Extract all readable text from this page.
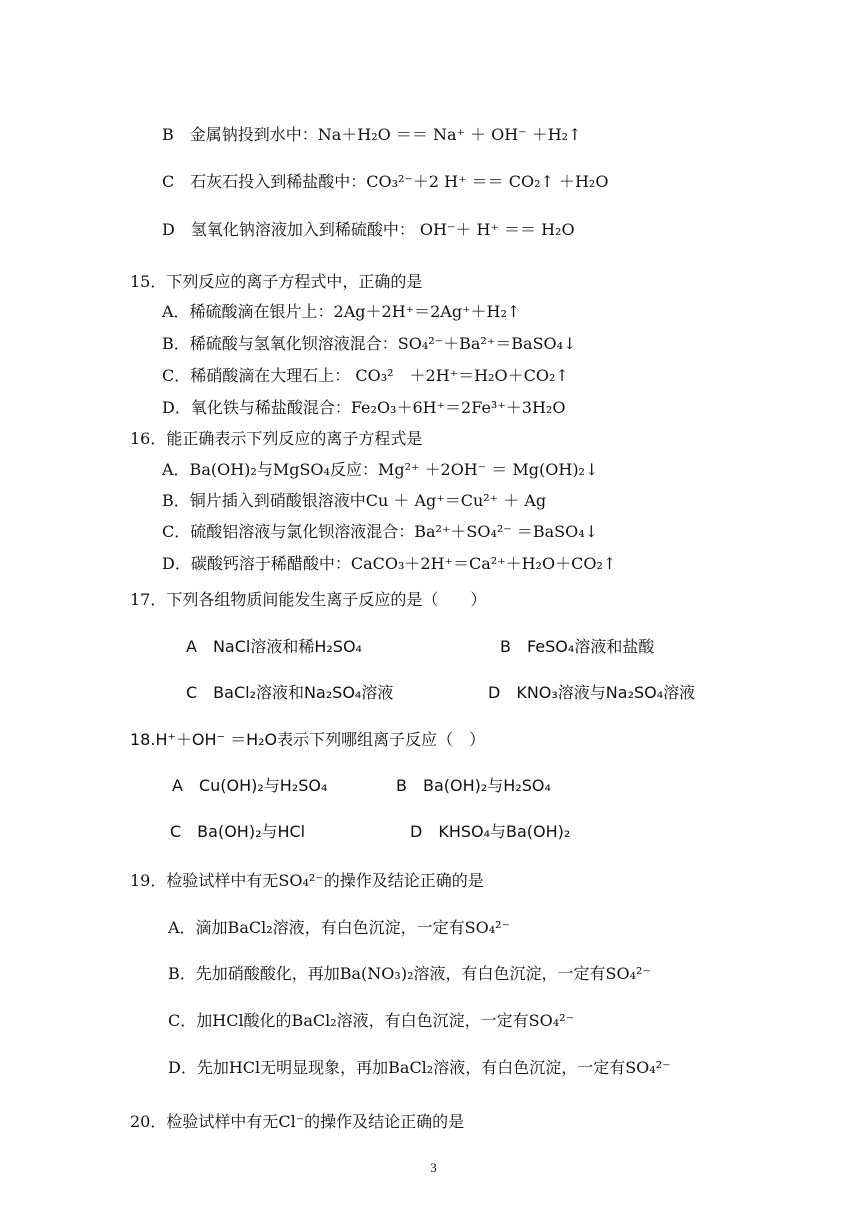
B　金属钠投到水中：Na＋H₂O ＝＝ Na⁺ ＋ OH⁻ ＋H₂↑
C　石灰石投入到稀盐酸中：CO₃²⁻＋2 H⁺ ＝＝ CO₂↑ ＋H₂O
D　氢氧化钠溶液加入到稀硫酸中： OH⁻＋ H⁺ ＝＝ H₂O
15．下列反应的离子方程式中，正确的是
A．稀硫酸滴在银片上：2Ag＋2H⁺＝2Ag⁺＋H₂↑
B．稀硫酸与氢氧化钡溶液混合：SO₄²⁻＋Ba²⁺＝BaSO₄↓
C．稀硝酸滴在大理石上： CO₃²　＋2H⁺＝H₂O＋CO₂↑
D．氧化铁与稀盐酸混合：Fe₂O₃＋6H⁺＝2Fe³⁺＋3H₂O
16．能正确表示下列反应的离子方程式是
A．Ba(OH)₂与MgSO₄反应：Mg²⁺ ＋2OH⁻ ＝ Mg(OH)₂↓
B．铜片插入到硝酸银溶液中Cu ＋ Ag⁺＝Cu²⁺ ＋ Ag
C．硫酸铝溶液与氯化钡溶液混合：Ba²⁺＋SO₄²⁻ ＝BaSO₄↓
D．碳酸钙溶于稀醋酸中：CaCO₃＋2H⁺＝Ca²⁺＋H₂O＋CO₂↑
17．下列各组物质间能发生离子反应的是（　　）
A　NaCl溶液和稀H₂SO₄	B　FeSO₄溶液和盐酸
C　BaCl₂溶液和Na₂SO₄溶液	D　KNO₃溶液与Na₂SO₄溶液
18.H⁺＋OH⁻ ＝H₂O表示下列哪组离子反应（　）
A　Cu(OH)₂与H₂SO₄	B　Ba(OH)₂与H₂SO₄
C　Ba(OH)₂与HCl	D　KHSO₄与Ba(OH)₂
19．检验试样中有无SO₄²⁻的操作及结论正确的是
A．滴加BaCl₂溶液，有白色沉淀，一定有SO₄²⁻
B．先加硝酸酸化，再加Ba(NO₃)₂溶液，有白色沉淀，一定有SO₄²⁻
C．加HCl酸化的BaCl₂溶液，有白色沉淀，一定有SO₄²⁻
D．先加HCl无明显现象，再加BaCl₂溶液，有白色沉淀，一定有SO₄²⁻
20．检验试样中有无Cl⁻的操作及结论正确的是
3
